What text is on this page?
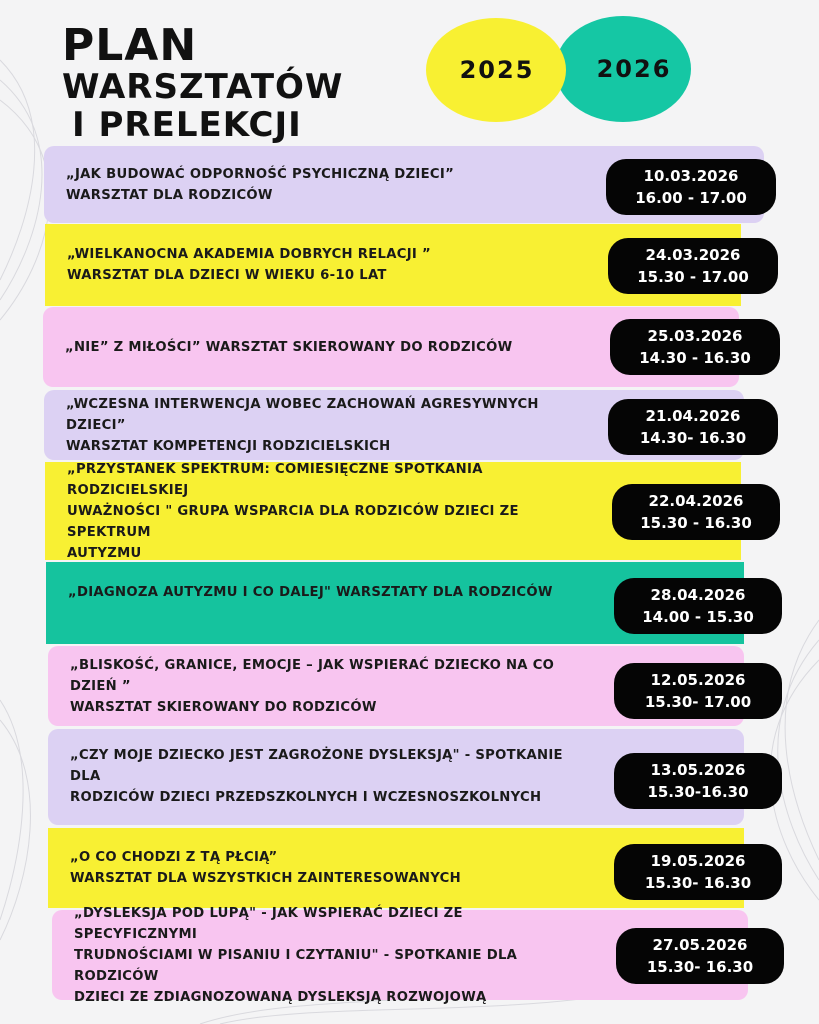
PLAN
WARSZTATÓW
I PRELEKCJI
2026
2025
„JAK BUDOWAĆ ODPORNOŚĆ PSYCHICZNĄ DZIECI”
WARSZTAT DLA RODZICÓW
10.03.2026
16.00 - 17.00
„WIELKANOCNA AKADEMIA DOBRYCH RELACJI ”
WARSZTAT DLA DZIECI W WIEKU 6-10 LAT
24.03.2026
15.30 - 17.00
„NIE” Z MIŁOŚCI” WARSZTAT SKIEROWANY DO RODZICÓW
25.03.2026
14.30 - 16.30
„WCZESNA INTERWENCJA WOBEC ZACHOWAŃ AGRESYWNYCH DZIECI”
WARSZTAT KOMPETENCJI RODZICIELSKICH
21.04.2026
14.30- 16.30
„PRZYSTANEK SPEKTRUM: COMIESIĘCZNE SPOTKANIA RODZICIELSKIEJ
UWAŻNOŚCI " GRUPA WSPARCIA DLA RODZICÓW DZIECI ZE SPEKTRUM
AUTYZMU
22.04.2026
15.30 - 16.30
„DIAGNOZA AUTYZMU I CO DALEJ" WARSZTATY DLA RODZICÓW	28.04.2026
14.00 - 15.30
„BLISKOŚĆ, GRANICE, EMOCJE – JAK WSPIERAĆ DZIECKO NA CO DZIEŃ ”
WARSZTAT SKIEROWANY DO RODZICÓW
12.05.2026
15.30- 17.00
„CZY MOJE DZIECKO JEST ZAGROŻONE DYSLEKSJĄ" - SPOTKANIE DLA
RODZICÓW DZIECI PRZEDSZKOLNYCH I WCZESNOSZKOLNYCH
13.05.2026
15.30-16.30
„O CO CHODZI Z TĄ PŁCIĄ”
WARSZTAT DLA WSZYSTKICH ZAINTERESOWANYCH
19.05.2026
15.30- 16.30
„DYSLEKSJA POD LUPĄ" - JAK WSPIERAĆ DZIECI ZE SPECYFICZNYMI
TRUDNOŚCIAMI W PISANIU I CZYTANIU" - SPOTKANIE DLA RODZICÓW
DZIECI ZE ZDIAGNOZOWANĄ DYSLEKSJĄ ROZWOJOWĄ
27.05.2026
15.30- 16.30
